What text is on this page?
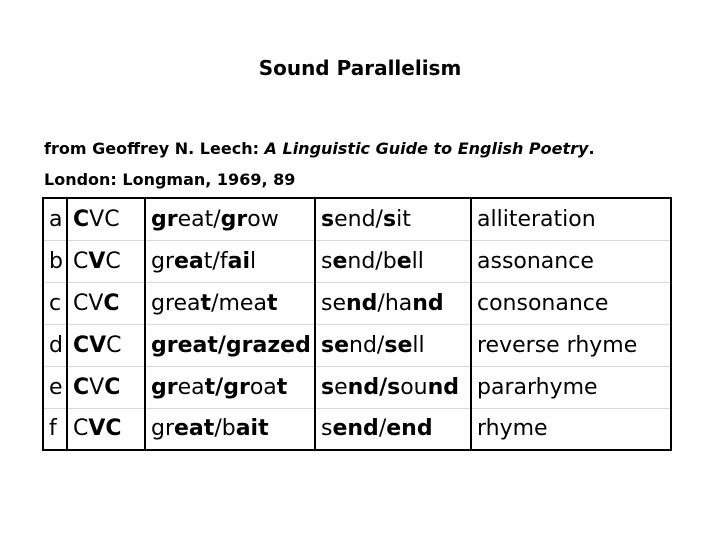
Sound Parallelism
from Geoffrey N. Leech: A Linguistic Guide to English Poetry.
London: Longman, 1969, 89
a	CVC	great/grow	send/sit	alliteration
b	CVC	great/fail	send/bell	assonance
c	CVC	great/meat	send/hand	consonance
d	CVC	great/grazed	send/sell	reverse rhyme
e	CVC	great/groat	send/sound	pararhyme
f	CVC	great/bait	send/end	rhyme
